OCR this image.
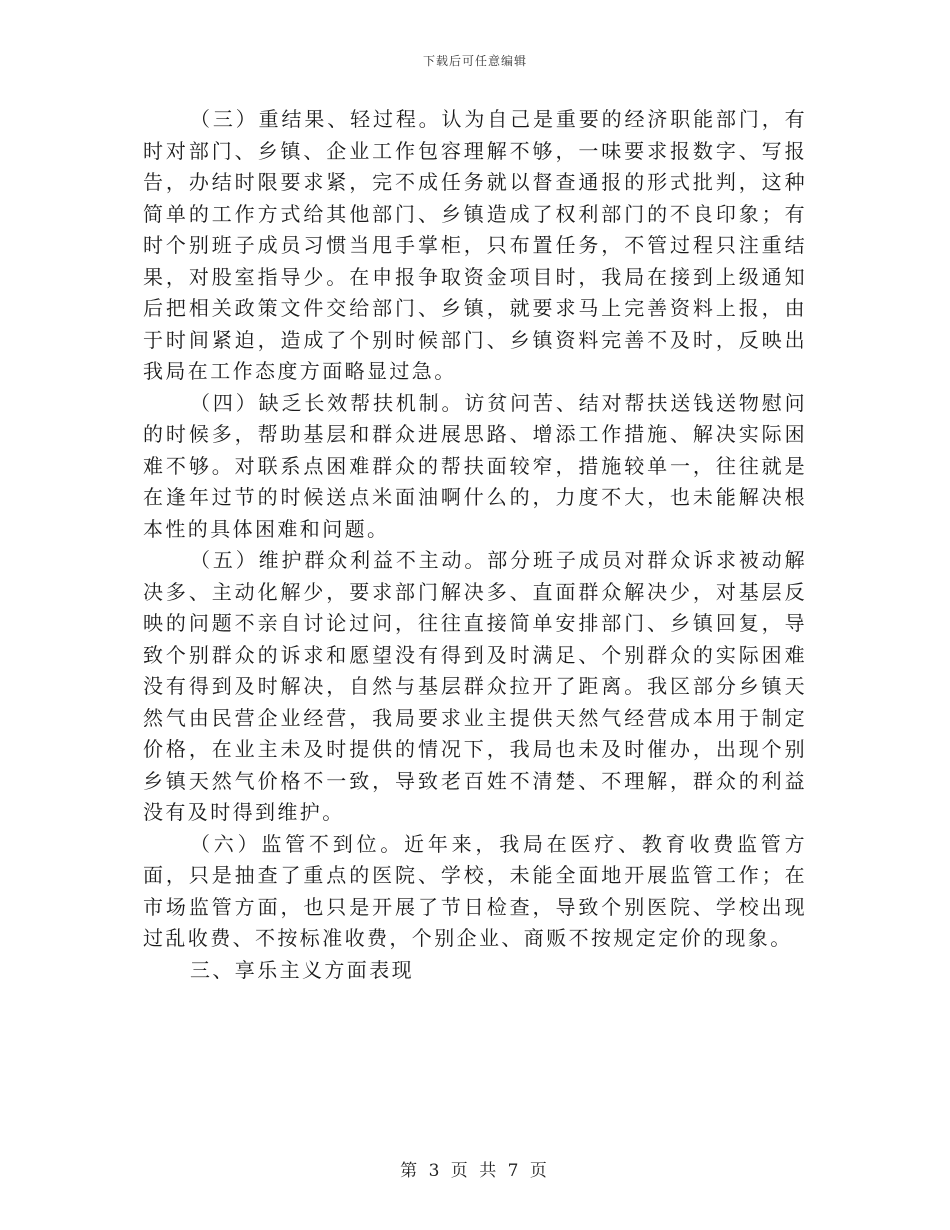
下载后可任意编辑

（三）重结果、轻过程。认为自己是重要的经济职能部门，有时对部门、乡镇、企业工作包容理解不够，一味要求报数字、写报告，办结时限要求紧，完不成任务就以督查通报的形式批判，这种简单的工作方式给其他部门、乡镇造成了权利部门的不良印象；有时个别班子成员习惯当甩手掌柜，只布置任务，不管过程只注重结果，对股室指导少。在申报争取资金项目时，我局在接到上级通知后把相关政策文件交给部门、乡镇，就要求马上完善资料上报，由于时间紧迫，造成了个别时候部门、乡镇资料完善不及时，反映出我局在工作态度方面略显过急。

（四）缺乏长效帮扶机制。访贫问苦、结对帮扶送钱送物慰问的时候多，帮助基层和群众进展思路、增添工作措施、解决实际困难不够。对联系点困难群众的帮扶面较窄，措施较单一，往往就是在逢年过节的时候送点米面油啊什么的，力度不大，也未能解决根本性的具体困难和问题。

（五）维护群众利益不主动。部分班子成员对群众诉求被动解决多、主动化解少，要求部门解决多、直面群众解决少，对基层反映的问题不亲自讨论过问，往往直接简单安排部门、乡镇回复，导致个别群众的诉求和愿望没有得到及时满足、个别群众的实际困难没有得到及时解决，自然与基层群众拉开了距离。我区部分乡镇天然气由民营企业经营，我局要求业主提供天然气经营成本用于制定价格，在业主未及时提供的情况下，我局也未及时催办，出现个别乡镇天然气价格不一致，导致老百姓不清楚、不理解，群众的利益没有及时得到维护。

（六）监管不到位。近年来，我局在医疗、教育收费监管方面，只是抽查了重点的医院、学校，未能全面地开展监管工作；在市场监管方面，也只是开展了节日检查，导致个别医院、学校出现过乱收费、不按标准收费，个别企业、商贩不按规定定价的现象。

三、享乐主义方面表现

第 3 页 共 7 页
